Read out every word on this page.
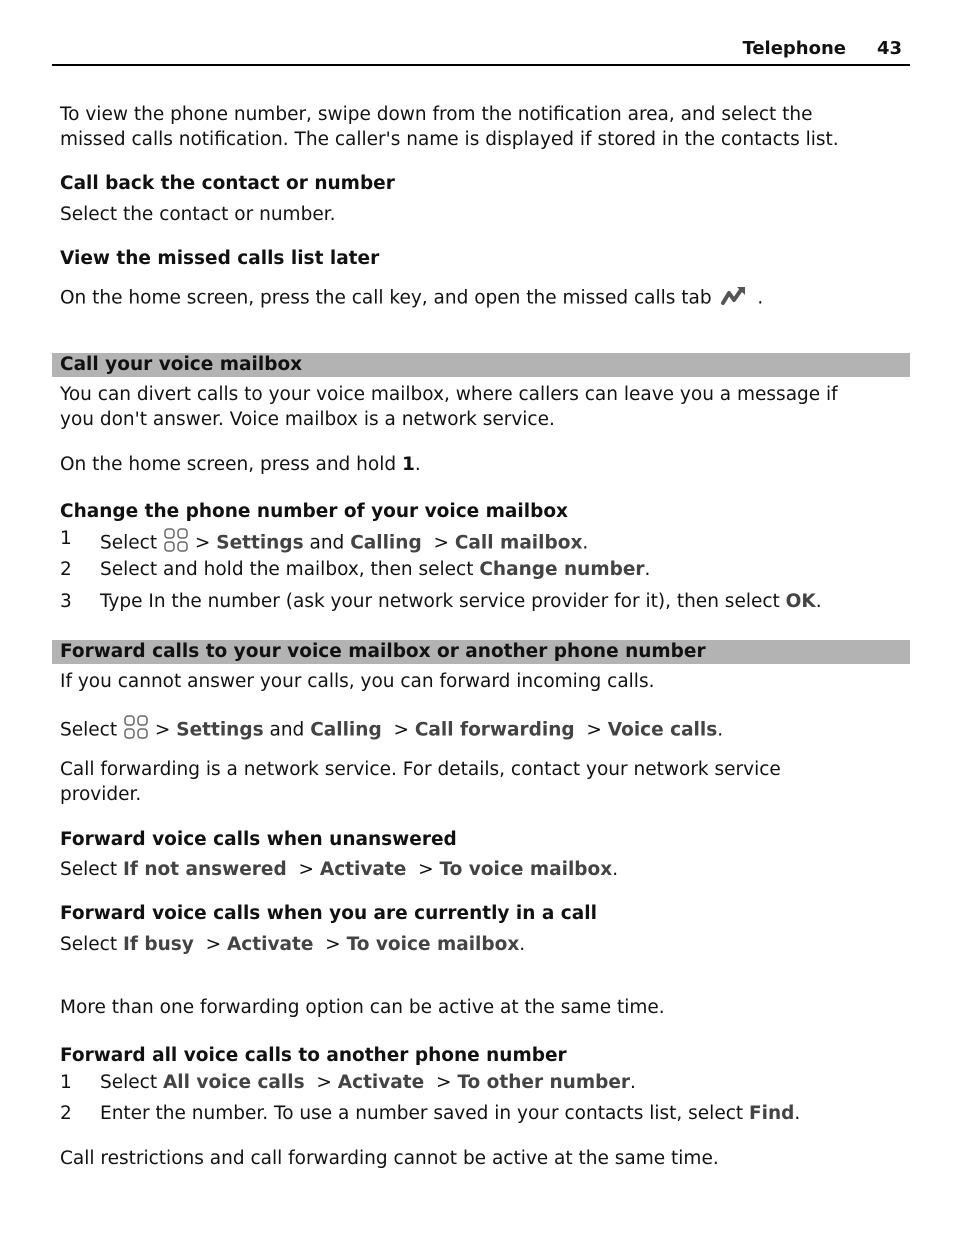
Telephone 43
To view the phone number, swipe down from the notification area, and select the
missed calls notification. The caller's name is displayed if stored in the contacts list.
Call back the contact or number
Select the contact or number.
View the missed calls list later
On the home screen, press the call key, and open the missed calls tab .
Call your voice mailbox
You can divert calls to your voice mailbox, where callers can leave you a message if
you don't answer. Voice mailbox is a network service.
On the home screen, press and hold 1.
Change the phone number of your voice mailbox
1 Select > Settings and Calling > Call mailbox.
2 Select and hold the mailbox, then select Change number.
3 Type In the number (ask your network service provider for it), then select OK.
Forward calls to your voice mailbox or another phone number
If you cannot answer your calls, you can forward incoming calls.
Select > Settings and Calling > Call forwarding > Voice calls.
Call forwarding is a network service. For details, contact your network service
provider.
Forward voice calls when unanswered
Select If not answered > Activate > To voice mailbox.
Forward voice calls when you are currently in a call
Select If busy > Activate > To voice mailbox.
More than one forwarding option can be active at the same time.
Forward all voice calls to another phone number
1 Select All voice calls > Activate > To other number.
2 Enter the number. To use a number saved in your contacts list, select Find.
Call restrictions and call forwarding cannot be active at the same time.
